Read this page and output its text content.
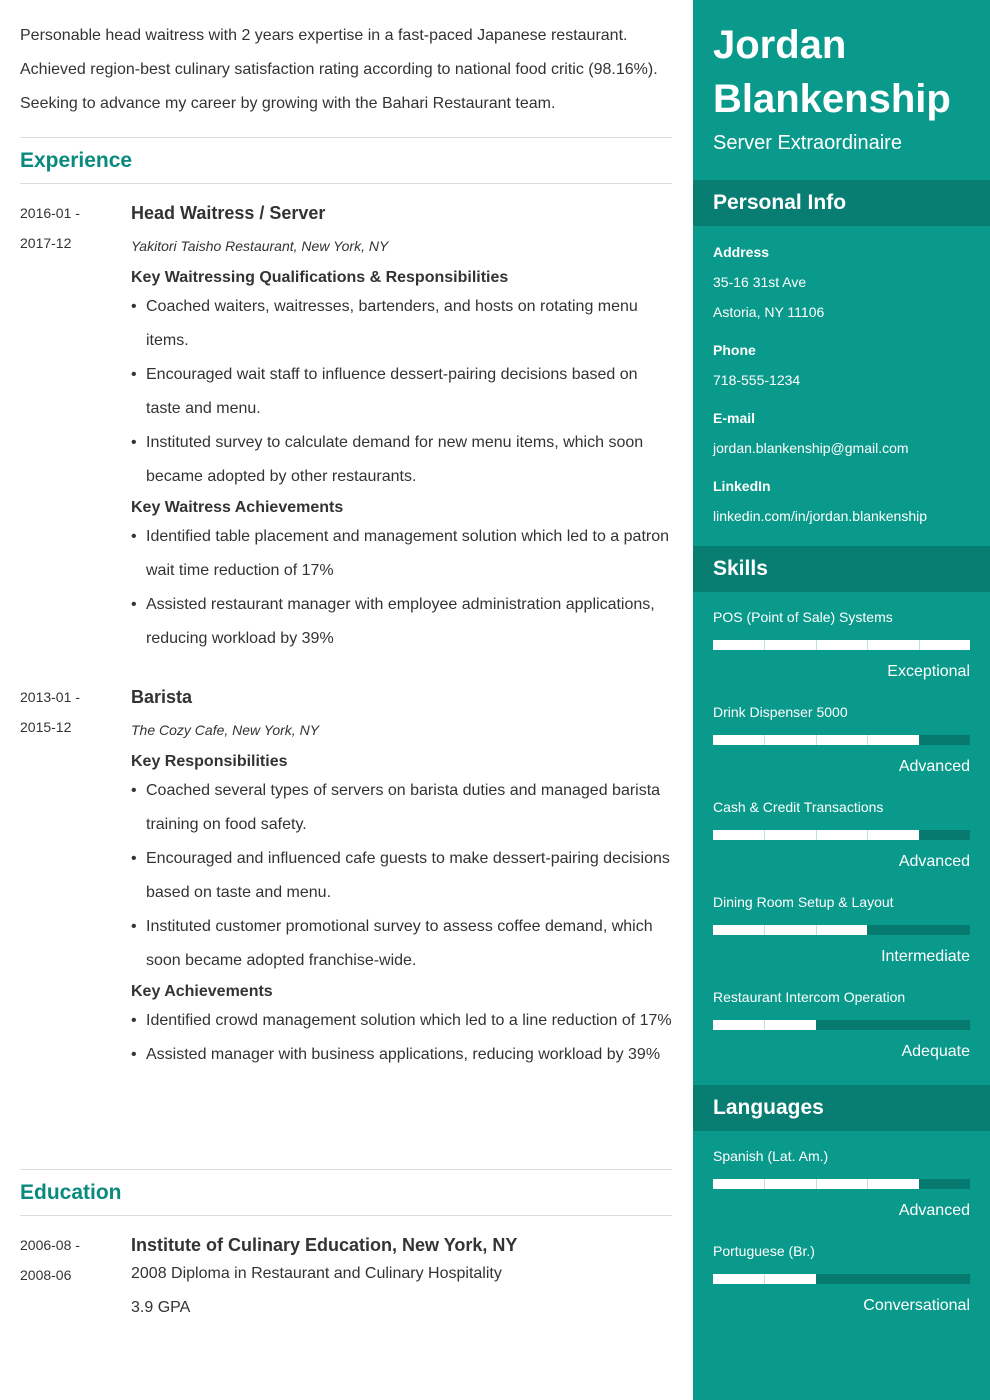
Personable head waitress with 2 years expertise in a fast-paced Japanese restaurant. Achieved region-best culinary satisfaction rating according to national food critic (98.16%). Seeking to advance my career by growing with the Bahari Restaurant team.
Experience
2016-01 -
2017-12
Head Waitress / Server
Yakitori Taisho Restaurant, New York, NY
Key Waitressing Qualifications & Responsibilities
• Coached waiters, waitresses, bartenders, and hosts on rotating menu items.
• Encouraged wait staff to influence dessert-pairing decisions based on taste and menu.
• Instituted survey to calculate demand for new menu items, which soon became adopted by other restaurants.
Key Waitress Achievements
• Identified table placement and management solution which led to a patron wait time reduction of 17%
• Assisted restaurant manager with employee administration applications, reducing workload by 39%
2013-01 -
2015-12
Barista
The Cozy Cafe, New York, NY
Key Responsibilities
• Coached several types of servers on barista duties and managed barista training on food safety.
• Encouraged and influenced cafe guests to make dessert-pairing decisions based on taste and menu.
• Instituted customer promotional survey to assess coffee demand, which soon became adopted franchise-wide.
Key Achievements
• Identified crowd management solution which led to a line reduction of 17%
• Assisted manager with business applications, reducing workload by 39%
Education
2006-08 -
2008-06
Institute of Culinary Education, New York, NY
2008 Diploma in Restaurant and Culinary Hospitality
3.9 GPA
Jordan Blankenship
Server Extraordinaire
Personal Info
Address
35-16 31st Ave
Astoria, NY 11106
Phone
718-555-1234
E-mail
jordan.blankenship@gmail.com
LinkedIn
linkedin.com/in/jordan.blankenship
Skills
POS (Point of Sale) Systems
Exceptional
Drink Dispenser 5000
Advanced
Cash & Credit Transactions
Advanced
Dining Room Setup & Layout
Intermediate
Restaurant Intercom Operation
Adequate
Languages
Spanish (Lat. Am.)
Advanced
Portuguese (Br.)
Conversational
